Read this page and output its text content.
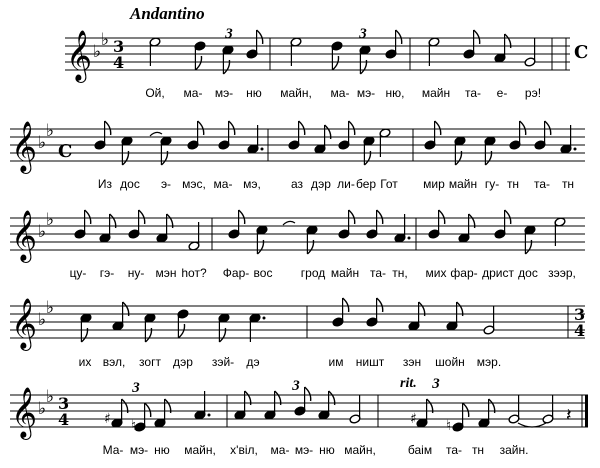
𝄞 ♭
♭
𝄞 ♭
♭
𝄞 ♭
♭
𝄞 ♭
♭
𝄞 ♭
♭
3
4	C
C
3
4
3
4 ♯ ♮	♯ ♮	𝄽
Andantino
Ой, ма- мэ- ню майн, ма- мэ- ню, майн та- е- рэ!
Из дос э- мэс, ма- мэ,	аз дэр ли- бер Гот мир майн гу- тн та- тн
цу- гэ- ну- мэн hот? Фар- вос грод майн та- тн, мих фар- дрист дос зээр,
их вэл, зогт дэр зэй- дэ	им ништ зэн шойн мэр.
Ма- мэ- ню майн, х'віл, ма- мэ- ню майн,	баім та- тн зайн.
3	3
3	3	3
rit.
